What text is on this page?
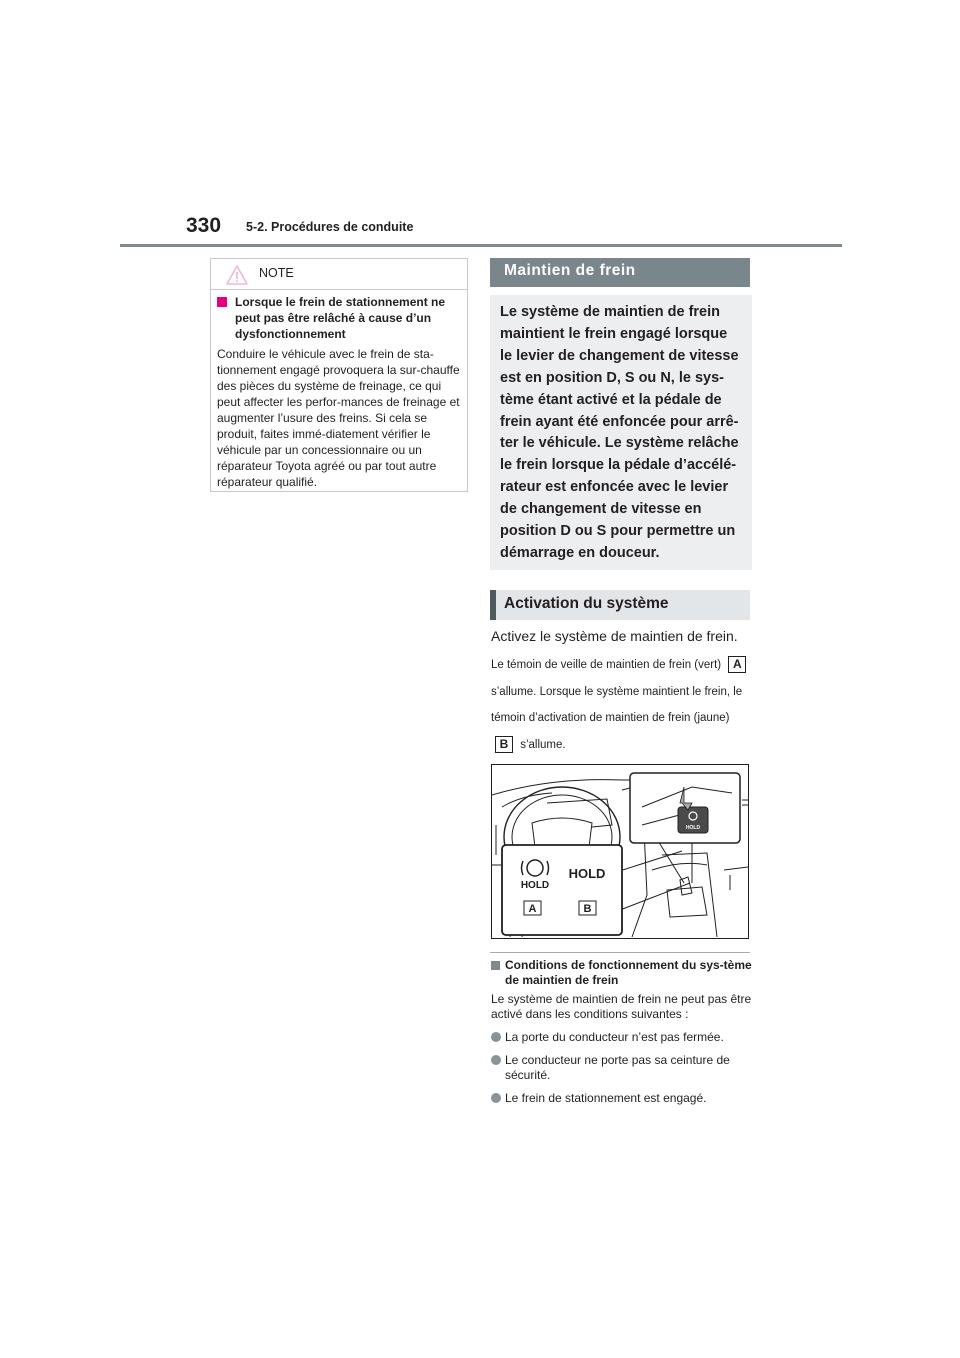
330 5-2. Procédures de conduite
NOTE
Lorsque le frein de stationnement ne peut pas être relâché à cause d’un dysfonctionnement
Conduire le véhicule avec le frein de sta-tionnement engagé provoquera la sur-chauffe des pièces du système de freinage, ce qui peut affecter les perfor-mances de freinage et augmenter l’usure des freins. Si cela se produit, faites immé-diatement vérifier le véhicule par un concessionnaire ou un réparateur Toyota agréé ou par tout autre réparateur qualifié.
Maintien de frein
Le système de maintien de frein maintient le frein engagé lorsque le levier de changement de vitesse est en position D, S ou N, le sys-tème étant activé et la pédale de frein ayant été enfoncée pour arrê-ter le véhicule. Le système relâche le frein lorsque la pédale d’accélé-rateur est enfoncée avec le levier de changement de vitesse en position D ou S pour permettre un démarrage en douceur.
Activation du système
Activez le système de maintien de frein.
Le témoin de veille de maintien de frein (vert) A s’allume. Lorsque le système maintient le frein, le témoin d’activation de maintien de frein (jaune) B s’allume.
HOLD
HOLD
HOLD
A	B
Conditions de fonctionnement du sys-tème de maintien de frein
Le système de maintien de frein ne peut pas être activé dans les conditions suivantes :
La porte du conducteur n’est pas fermée.
Le conducteur ne porte pas sa ceinture de sécurité.
Le frein de stationnement est engagé.
